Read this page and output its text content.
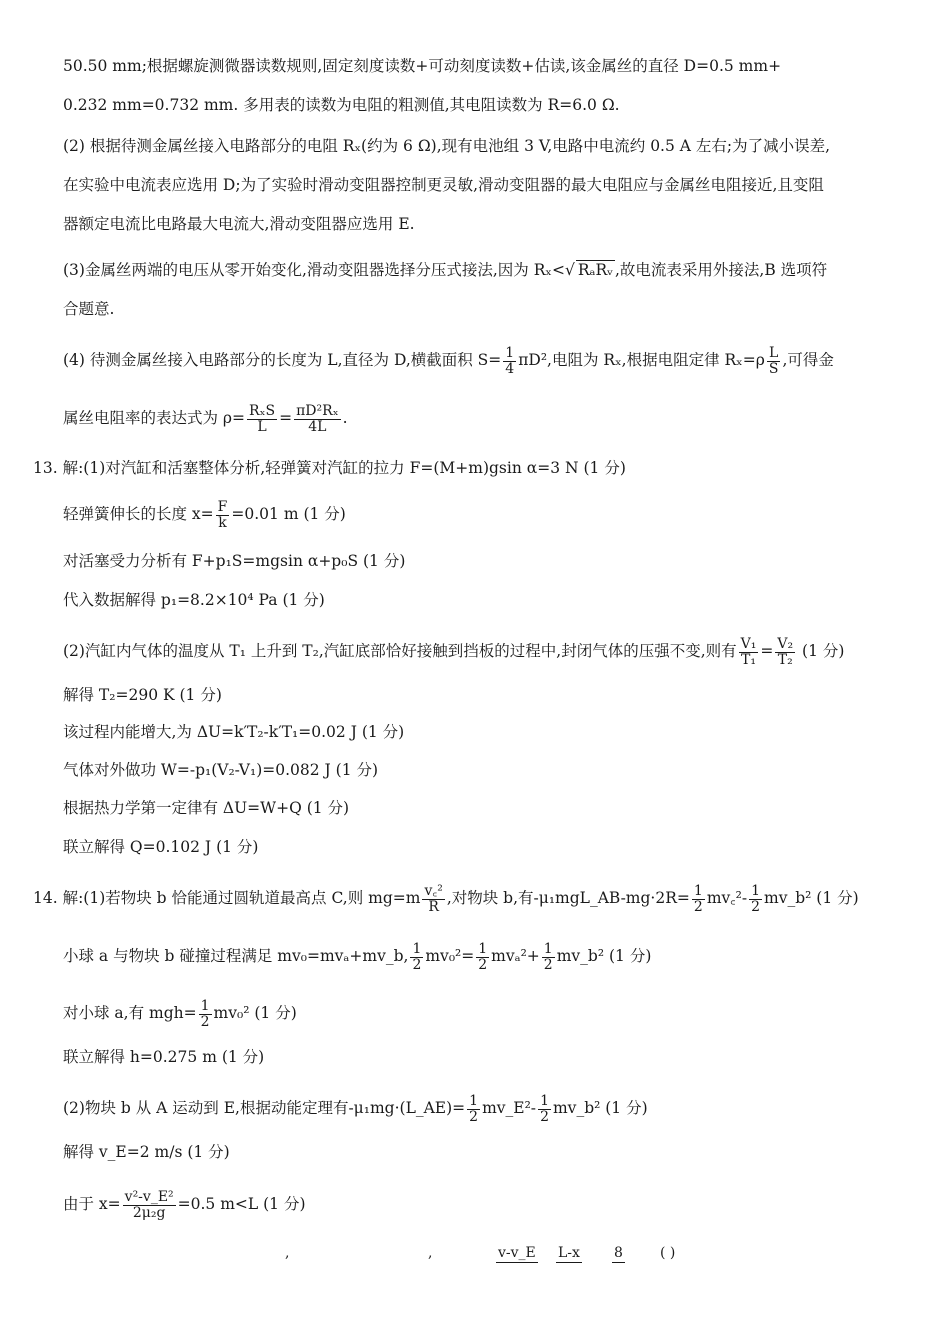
50.50 mm;根据螺旋测微器读数规则,固定刻度读数+可动刻度读数+估读,该金属丝的直径 D=0.5 mm+
0.232 mm=0.732 mm. 多用表的读数为电阻的粗测值,其电阻读数为 R=6.0 Ω.
(2) 根据待测金属丝接入电路部分的电阻 Rₓ(约为 6 Ω),现有电池组 3 V,电路中电流约 0.5 A 左右;为了减小误差,
在实验中电流表应选用 D;为了实验时滑动变阻器控制更灵敏,滑动变阻器的最大电阻应与金属丝电阻接近,且变阻
器额定电流比电路最大电流大,滑动变阻器应选用 E.
(3)金属丝两端的电压从零开始变化,滑动变阻器选择分压式接法,因为 Rₓ<√ RₐRᵥ ,故电流表采用外接法,B 选项符
合题意.
(4) 待测金属丝接入电路部分的长度为 L,直径为 D,横截面积 $S= \frac{1}{4} \pi D^2$,电阻为 Rₓ,根据电阻定律 $R_x=\rho \frac{L}{S}$ ,可得金
属丝电阻率的表达式为 $\rho= \frac{\text{RₓS}}{L} = \frac{\text{πD²Rₓ}}{4L}$ .
13. 解:(1)对汽缸和活塞整体分析,轻弹簧对汽缸的拉力 F=(M+m)gsin α=3 N (1 分)
轻弹簧伸长的长度 $x= \frac{F}{k} =0.01$ m (1 分)
对活塞受力分析有 F+p₁S=mgsin α+p₀S (1 分)
代入数据解得 p₁=8.2×10⁴ Pa (1 分)
(2)汽缸内气体的温度从 T₁ 上升到 T₂,汽缸底部恰好接触到挡板的过程中,封闭气体的压强不变,则有 $\frac{\text{V₁}}{\text{T₁}} = \frac{\text{V₂}}{\text{T₂}} (1$ 分)
解得 T₂=290 K (1 分)
该过程内能增大,为 ΔU=k′T₂-k′T₁=0.02 J (1 分)
气体对外做功 W=-p₁(V₂-V₁)=0.082 J (1 分)
根据热力学第一定律有 ΔU=W+Q (1 分)
联立解得 Q=0.102 J (1 分)
14. 解:(1)若物块 b 恰能通过圆轨道最高点 C,则 $mg=m \frac{\text{v꜀²}}{R}$ ,对物块 b,有-μ₁mgL_AB-mg·2R= $\frac{1}{2}$ mv꜀²- $\frac{1}{2}$ mv_b² (1 分)
小球 a 与物块 b 碰撞过程满足 mv₀=mvₐ+mv_b, $\frac{1}{2} mv_0^2= \frac{1}{2} mv_a^2+ \frac{1}{2}$ mv_b² (1 分)
对小球 a,有 $mgh= \frac{1}{2} mv_0^2$ (1 分)
联立解得 h=0.275 m (1 分)
(2)物块 b 从 A 运动到 E,根据动能定理有-μ₁mg·(L_AE)= $\frac{1}{2}$ mv_E²- $\frac{1}{2}$ mv_b² (1 分)
解得 v_E=2 m/s (1 分)
由于 $x= \frac{\text{v²-v\_E²}}{\text{2μ₂g}} =0.5$ m<L (1 分)
,	,	v-v_E L-x 8	( )
